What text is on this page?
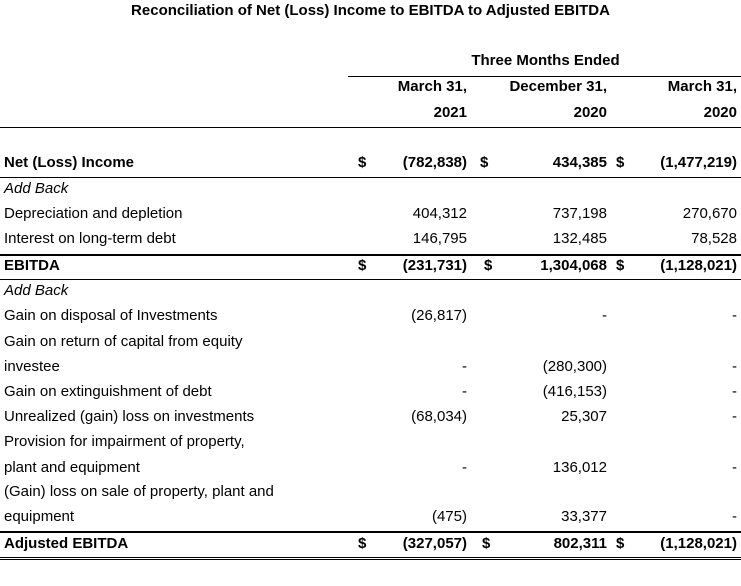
Reconciliation of Net (Loss) Income to EBITDA to Adjusted EBITDA
Three Months Ended
March 31,
2021
December 31,
2020
March 31,
2020
Net (Loss) Income	$	(782,838) $	434,385 $	(1,477,219)
Add Back
Depreciation and depletion	404,312	737,198	270,670
Interest on long-term debt	146,795	132,485	78,528
EBITDA	$	(231,731) $	1,304,068 $	(1,128,021)
Add Back
Gain on disposal of Investments	(26,817)	-	-
Gain on return of capital from equity
investee	-	(280,300)	-
Gain on extinguishment of debt	-	(416,153)	-
Unrealized (gain) loss on investments	(68,034)	25,307	-
Provision for impairment of property,
plant and equipment	-	136,012	-
(Gain) loss on sale of property, plant and
equipment	(475)	33,377	-
Adjusted EBITDA	$	(327,057) $	802,311 $	(1,128,021)
